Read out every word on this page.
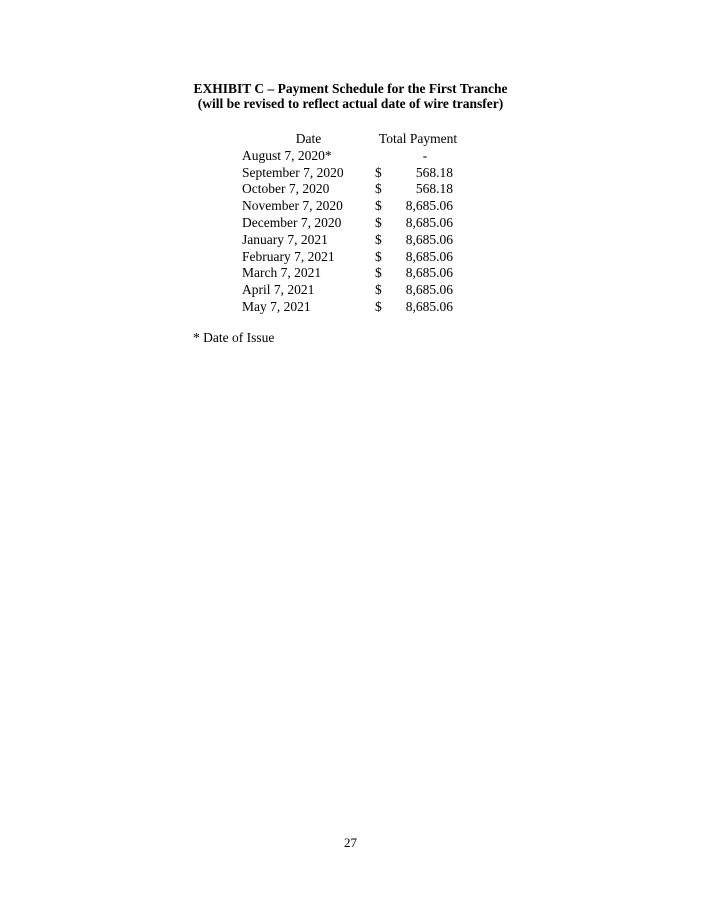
EXHIBIT C – Payment Schedule for the First Tranche
(will be revised to reflect actual date of wire transfer)
Date	Total Payment
August 7, 2020*	-
September 7, 2020	$	568.18
October 7, 2020	$	568.18
November 7, 2020	$	8,685.06
December 7, 2020	$	8,685.06
January 7, 2021	$	8,685.06
February 7, 2021	$	8,685.06
March 7, 2021	$	8,685.06
April 7, 2021	$	8,685.06
May 7, 2021	$	8,685.06
* Date of Issue
27
